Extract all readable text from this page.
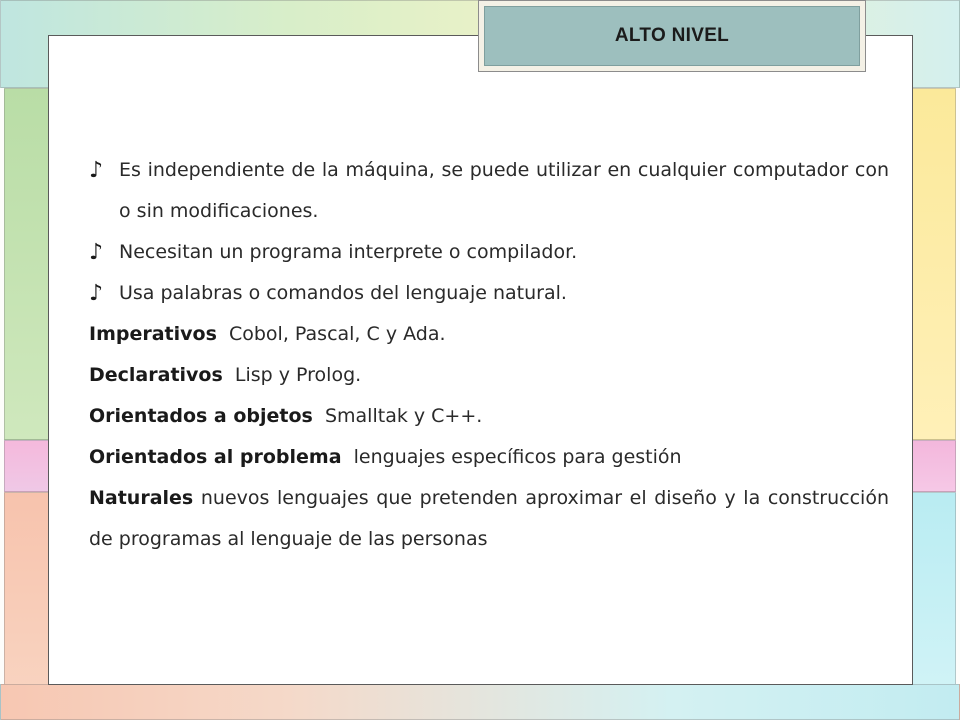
ALTO NIVEL
♪ Es independiente de la máquina, se puede utilizar en cualquier computador con o sin modificaciones.
♪ Necesitan un programa interprete o compilador.
♪ Usa palabras o comandos del lenguaje natural.
Imperativos Cobol, Pascal, C y Ada.
Declarativos Lisp y Prolog.
Orientados a objetos Smalltak y C++.
Orientados al problema lenguajes específicos para gestión
Naturales nuevos lenguajes que pretenden aproximar el diseño y la construcción de programas al lenguaje de las personas
